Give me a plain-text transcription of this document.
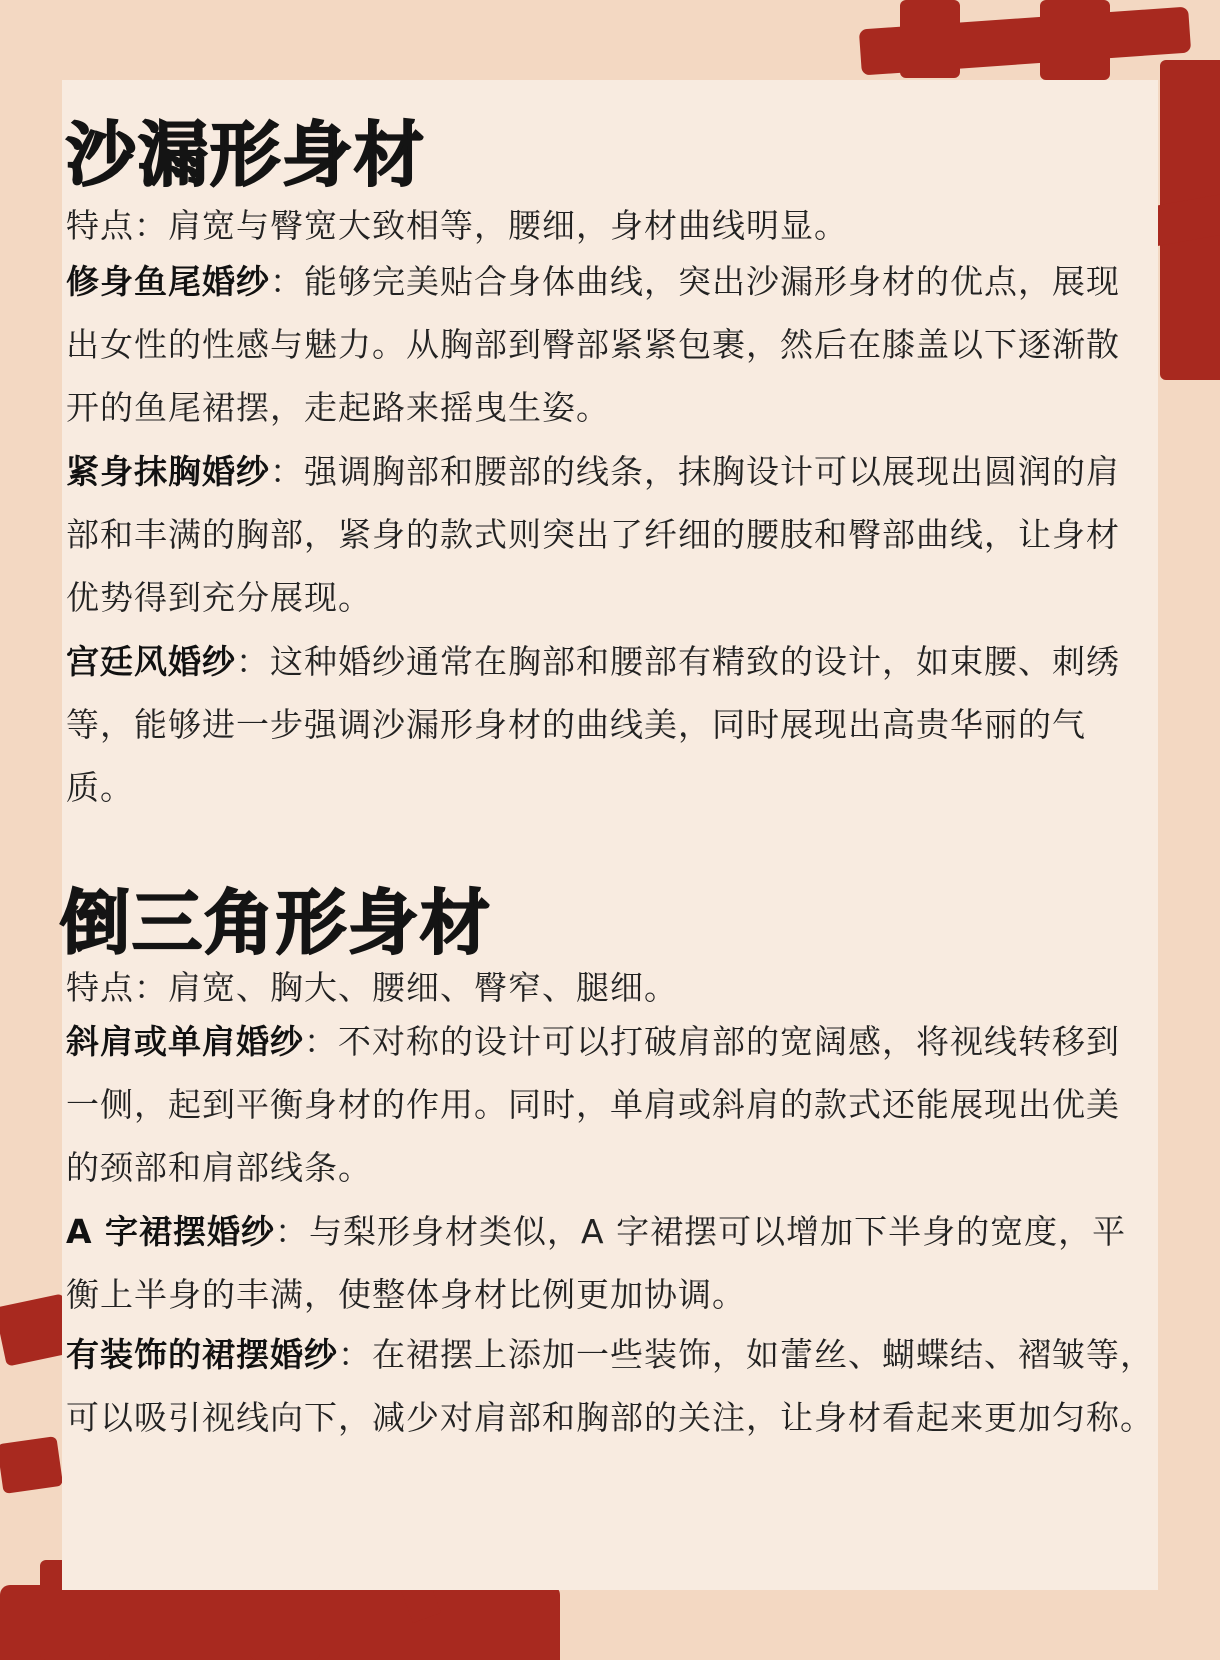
沙漏形身材

特点：肩宽与臀宽大致相等，腰细，身材曲线明显。

修身鱼尾婚纱：能够完美贴合身体曲线，突出沙漏形身材的优点，展现出女性的性感与魅力。从胸部到臀部紧紧包裹，然后在膝盖以下逐渐散开的鱼尾裙摆，走起路来摇曳生姿。

紧身抹胸婚纱：强调胸部和腰部的线条，抹胸设计可以展现出圆润的肩部和丰满的胸部，紧身的款式则突出了纤细的腰肢和臀部曲线，让身材优势得到充分展现。

宫廷风婚纱：这种婚纱通常在胸部和腰部有精致的设计，如束腰、刺绣等，能够进一步强调沙漏形身材的曲线美，同时展现出高贵华丽的气质。

倒三角形身材

特点：肩宽、胸大、腰细、臀窄、腿细。

斜肩或单肩婚纱：不对称的设计可以打破肩部的宽阔感，将视线转移到一侧，起到平衡身材的作用。同时，单肩或斜肩的款式还能展现出优美的颈部和肩部线条。

A 字裙摆婚纱：与梨形身材类似，A 字裙摆可以增加下半身的宽度，平衡上半身的丰满，使整体身材比例更加协调。

有装饰的裙摆婚纱：在裙摆上添加一些装饰，如蕾丝、蝴蝶结、褶皱等，可以吸引视线向下，减少对肩部和胸部的关注，让身材看起来更加匀称。
